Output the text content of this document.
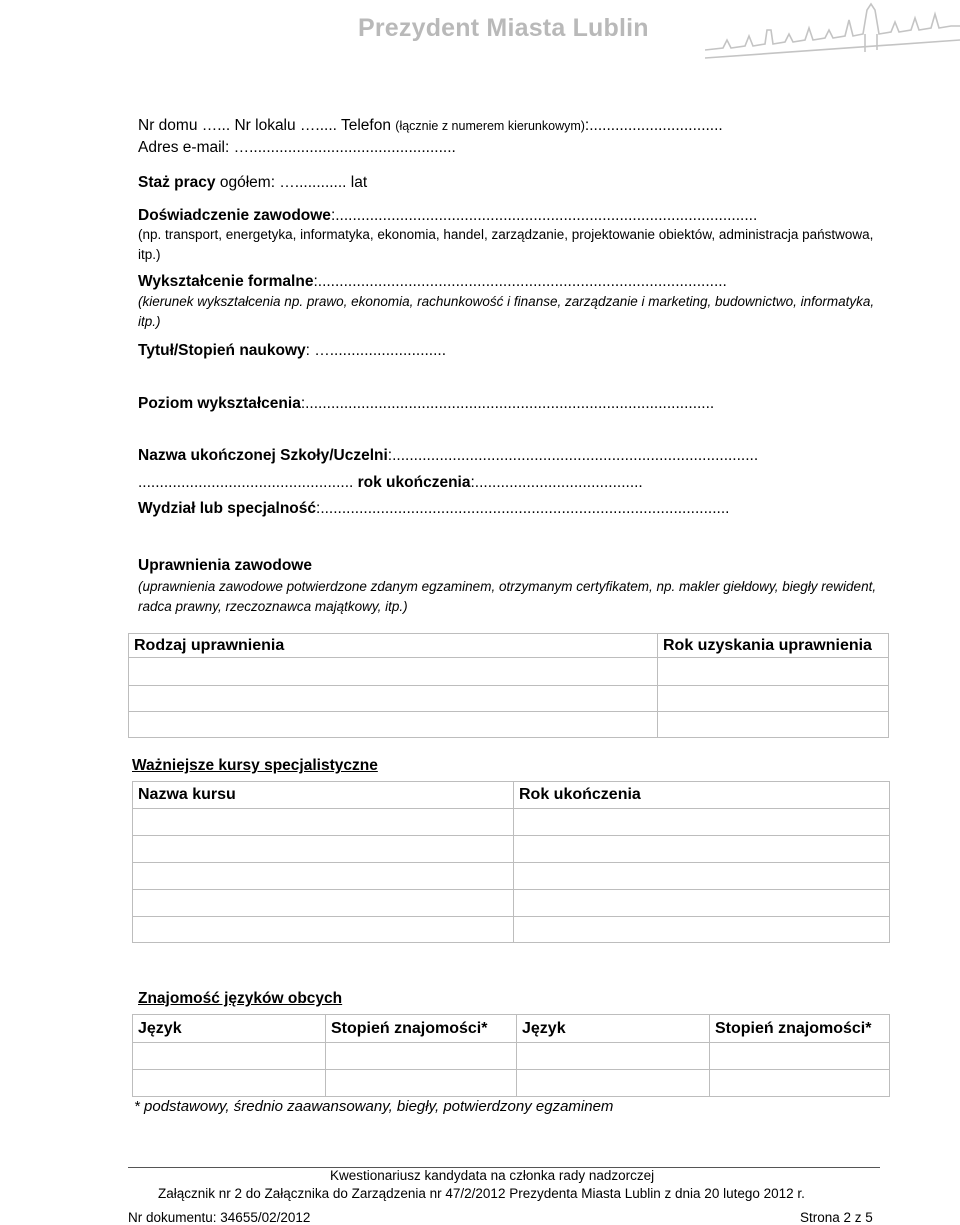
Prezydent Miasta Lublin
Nr domu …... Nr lokalu …..... Telefon (łącznie z numerem kierunkowym):...............................
Adres e-mail: …................................................
Staż pracy ogółem: …............ lat
Doświadczenie zawodowe:..................................................................................................
(np. transport, energetyka, informatyka, ekonomia, handel, zarządzanie, projektowanie obiektów, administracja państwowa, itp.)
Wykształcenie formalne:...............................................................................................
(kierunek wykształcenia np. prawo, ekonomia, rachunkowość i finanse, zarządzanie i marketing, budownictwo, informatyka, itp.)
Tytuł/Stopień naukowy: …...........................
Poziom wykształcenia:...............................................................................................
Nazwa ukończonej Szkoły/Uczelni:.....................................................................................
.................................................. rok ukończenia:.......................................
Wydział lub specjalność:...............................................................................................
Uprawnienia zawodowe
(uprawnienia zawodowe potwierdzone zdanym egzaminem, otrzymanym certyfikatem, np. makler giełdowy, biegły rewident, radca prawny, rzeczoznawca majątkowy, itp.)
Rodzaj uprawnienia	Rok uzyskania uprawnienia

Ważniejsze kursy specjalistyczne
Nazwa kursu	Rok ukończenia

Znajomość języków obcych
Język	Stopień znajomości*	Język	Stopień znajomości*

* podstawowy, średnio zaawansowany, biegły, potwierdzony egzaminem
Kwestionariusz kandydata na członka rady nadzorczej
Załącznik nr 2 do Załącznika do Zarządzenia nr 47/2/2012 Prezydenta Miasta Lublin z dnia 20 lutego 2012 r.
Nr dokumentu: 34655/02/2012	Strona 2 z 5
